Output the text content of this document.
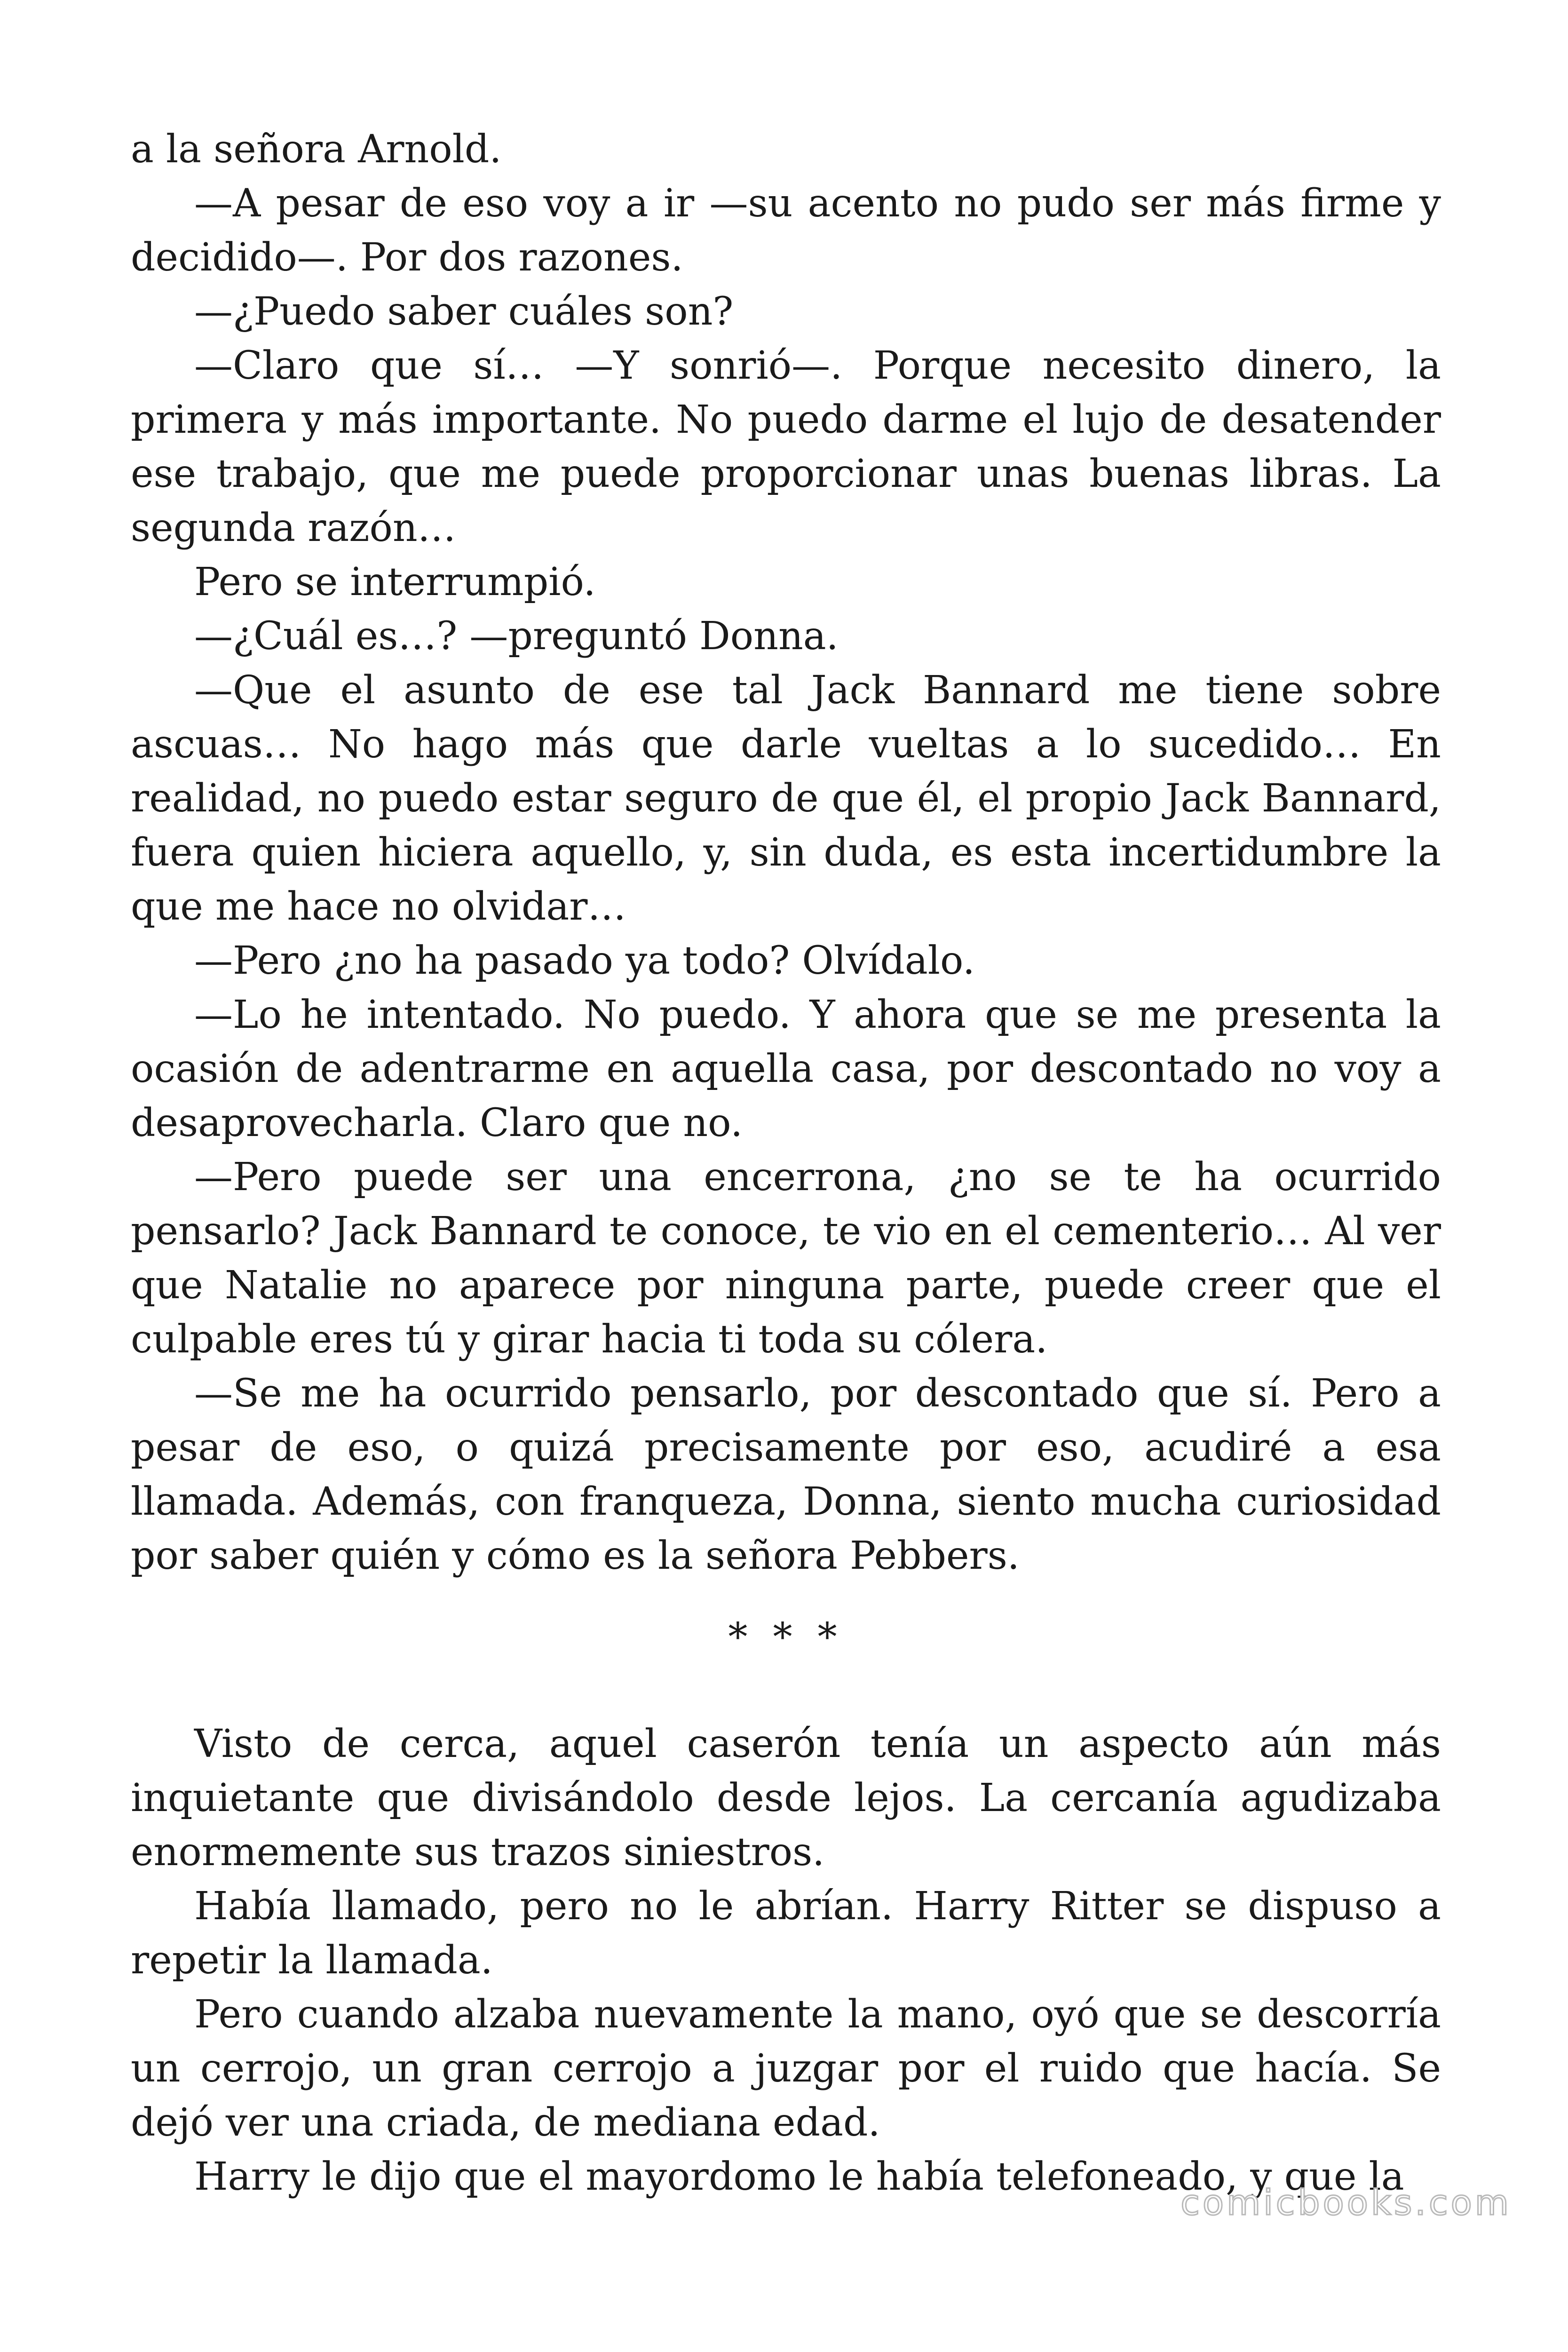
a la señora Arnold.

—A pesar de eso voy a ir —su acento no pudo ser más firme y decidido—. Por dos razones.

—¿Puedo saber cuáles son?

—Claro que sí… —Y sonrió—. Porque necesito dinero, la primera y más importante. No puedo darme el lujo de desatender ese trabajo, que me puede proporcionar unas buenas libras. La segunda razón…

Pero se interrumpió.

—¿Cuál es…? —preguntó Donna.

—Que el asunto de ese tal Jack Bannard me tiene sobre ascuas… No hago más que darle vueltas a lo sucedido… En realidad, no puedo estar seguro de que él, el propio Jack Bannard, fuera quien hiciera aquello, y, sin duda, es esta incertidumbre la que me hace no olvidar…

—Pero ¿no ha pasado ya todo? Olvídalo.

—Lo he intentado. No puedo. Y ahora que se me presenta la ocasión de adentrarme en aquella casa, por descontado no voy a desaprovecharla. Claro que no.

—Pero puede ser una encerrona, ¿no se te ha ocurrido pensarlo? Jack Bannard te conoce, te vio en el cementerio… Al ver que Natalie no aparece por ninguna parte, puede creer que el culpable eres tú y girar hacia ti toda su cólera.

—Se me ha ocurrido pensarlo, por descontado que sí. Pero a pesar de eso, o quizá precisamente por eso, acudiré a esa llamada. Además, con franqueza, Donna, siento mucha curiosidad por saber quién y cómo es la señora Pebbers.

* * *

Visto de cerca, aquel caserón tenía un aspecto aún más inquietante que divisándolo desde lejos. La cercanía agudizaba enormemente sus trazos siniestros.

Había llamado, pero no le abrían. Harry Ritter se dispuso a repetir la llamada.

Pero cuando alzaba nuevamente la mano, oyó que se descorría un cerrojo, un gran cerrojo a juzgar por el ruido que hacía. Se dejó ver una criada, de mediana edad.

Harry le dijo que el mayordomo le había telefoneado, y que la

comicbooks.com
